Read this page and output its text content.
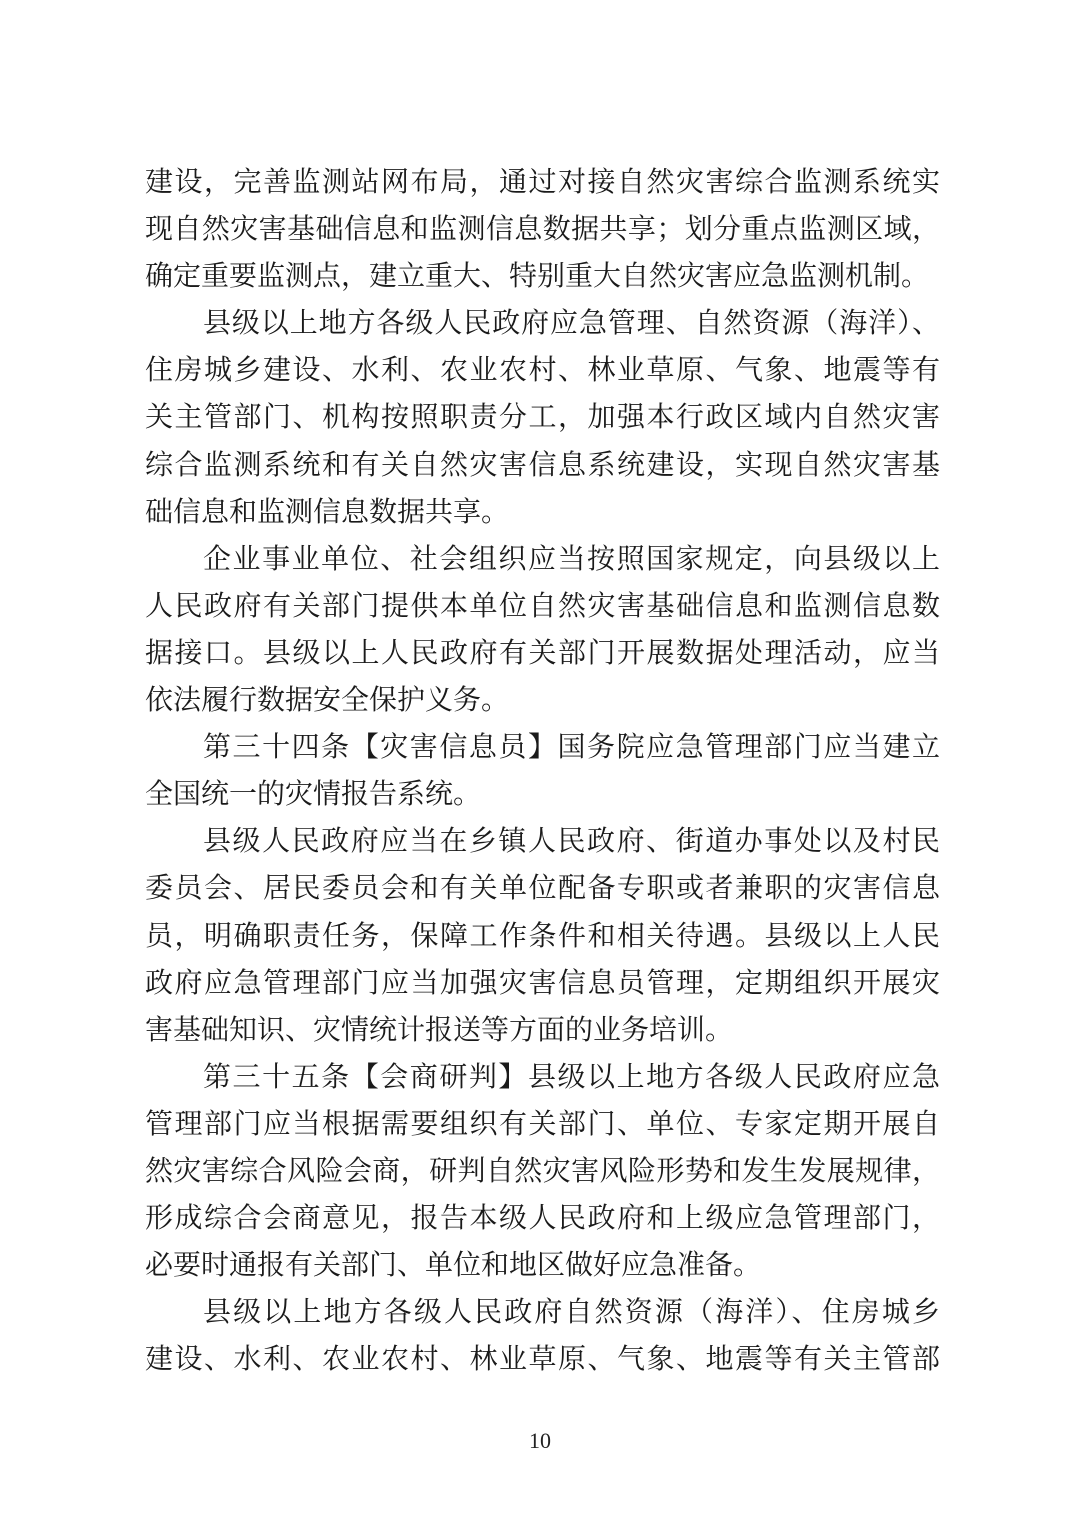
建设，完善监测站网布局，通过对接自然灾害综合监测系统实
现自然灾害基础信息和监测信息数据共享；划分重点监测区域，
确定重要监测点，建立重大、特别重大自然灾害应急监测机制。
县级以上地方各级人民政府应急管理、自然资源（海洋）、
住房城乡建设、水利、农业农村、林业草原、气象、地震等有
关主管部门、机构按照职责分工，加强本行政区域内自然灾害
综合监测系统和有关自然灾害信息系统建设，实现自然灾害基
础信息和监测信息数据共享。
企业事业单位、社会组织应当按照国家规定，向县级以上
人民政府有关部门提供本单位自然灾害基础信息和监测信息数
据接口。县级以上人民政府有关部门开展数据处理活动，应当
依法履行数据安全保护义务。
第三十四条【灾害信息员】国务院应急管理部门应当建立
全国统一的灾情报告系统。
县级人民政府应当在乡镇人民政府、街道办事处以及村民
委员会、居民委员会和有关单位配备专职或者兼职的灾害信息
员，明确职责任务，保障工作条件和相关待遇。县级以上人民
政府应急管理部门应当加强灾害信息员管理，定期组织开展灾
害基础知识、灾情统计报送等方面的业务培训。
第三十五条【会商研判】县级以上地方各级人民政府应急
管理部门应当根据需要组织有关部门、单位、专家定期开展自
然灾害综合风险会商，研判自然灾害风险形势和发生发展规律，
形成综合会商意见，报告本级人民政府和上级应急管理部门，
必要时通报有关部门、单位和地区做好应急准备。
县级以上地方各级人民政府自然资源（海洋）、住房城乡
建设、水利、农业农村、林业草原、气象、地震等有关主管部
10
